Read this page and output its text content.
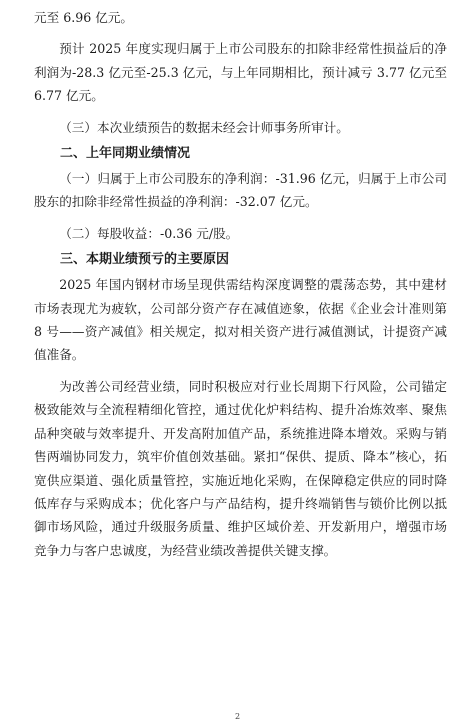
元至 6.96 亿元。

预计 2025 年度实现归属于上市公司股东的扣除非经常性损益后的净利润为-28.3 亿元至-25.3 亿元，与上年同期相比，预计减亏 3.77 亿元至 6.77 亿元。

（三）本次业绩预告的数据未经会计师事务所审计。

二、上年同期业绩情况

（一）归属于上市公司股东的净利润：-31.96 亿元，归属于上市公司股东的扣除非经常性损益的净利润：-32.07 亿元。

（二）每股收益：-0.36 元/股。

三、本期业绩预亏的主要原因

2025 年国内钢材市场呈现供需结构深度调整的震荡态势，其中建材市场表现尤为疲软，公司部分资产存在减值迹象，依据《企业会计准则第 8 号——资产减值》相关规定，拟对相关资产进行减值测试，计提资产减值准备。

为改善公司经营业绩，同时积极应对行业长周期下行风险，公司锚定极致能效与全流程精细化管控，通过优化炉料结构、提升冶炼效率、聚焦品种突破与效率提升、开发高附加值产品，系统推进降本增效。采购与销售两端协同发力，筑牢价值创效基础。紧扣“保供、提质、降本”核心，拓宽供应渠道、强化质量管控，实施近地化采购，在保障稳定供应的同时降低库存与采购成本；优化客户与产品结构，提升终端销售与锁价比例以抵御市场风险，通过升级服务质量、维护区域价差、开发新用户，增强市场竞争力与客户忠诚度，为经营业绩改善提供关键支撑。

2
